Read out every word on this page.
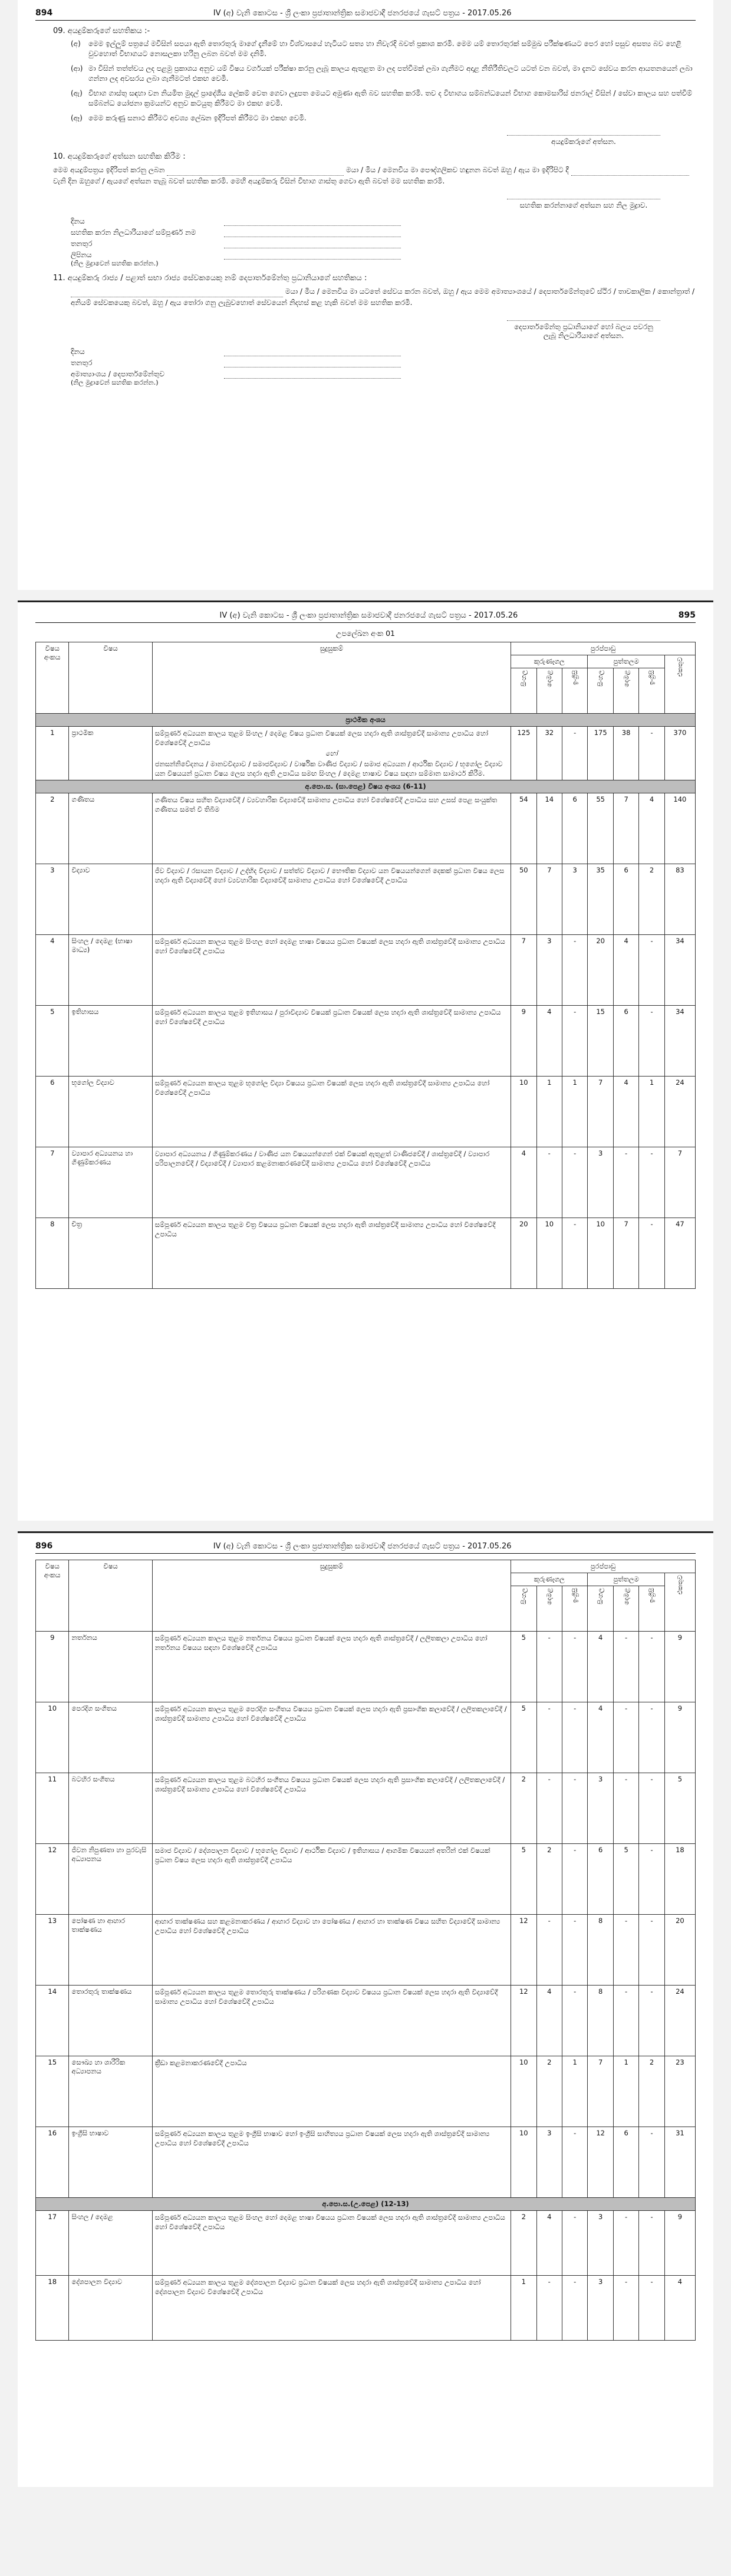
894	IV (අ) වැනි කොටස - ශ්‍රී ලංකා ප්‍රජාතාන්ත්‍රික සමාජවාදී ජනරජයේ ගැසට් පත්‍රය - 2017.05.26
09. අයදුම්කරුගේ සහතිකය :-
(අ)	මෙම ඉල්ලුම් පත්‍රයේ මවිසින් සපයා ඇති තොරතුරු මාගේ දැනීමේ හා විශ්වාසයේ හැටියට සත්‍ය හා නිවැරදි බවත් ප්‍රකාශ කරමි. මෙම යම් තොරතුරක් සම්මුඛ පරීක්ෂණයට පෙර හෝ පසුව අසත්‍ය බව හෙළි වුවහොත් විභාගයට නොසලකා හරිනු ලබන බවත් මම දනිමි.
(ආ) මා විසින් තත්ත්වය ලද පළමු ප්‍රකාශය අනුව යම් විෂය වර්ගයක් පරීක්ෂා කරනු ලැබූ කාලය ඇතුළත මා ලද පත්වීමක් ලබා ගැනීමට අදාළ නීතිරීතිවලට යටත් වන බවත්, මා දැනට සේවය කරන ආයතනයෙන් ලබා ගන්නා ලද අවසරය ලබා ගැනීමටත් එකඟ වෙමි.
(ඇ) විභාග ගාස්තු සඳහා වන නියමිත මුදල් ප්‍රාදේශීය ලේකම් වෙත ගෙවා ලදුපත මෙයට අමුණා ඇති බව සහතික කරමි. තව ද විභාගය සම්බන්ධයෙන් විභාග කොමසාරිස් ජනරාල් විසින් / සේවා කාලය සහ පත්වීම් සම්බන්ධ යෝජනා ක්‍රමයන්ට අනුව කටයුතු කිරීමට මා එකඟ වෙමි.
(ඈ) මෙම කරුණු සනාථ කිරීමට අවශ්‍ය ලේඛන ඉදිරිපත් කිරීමට මා එකඟ වෙමි.
අයදුම්කරුගේ අත්සන.
10. අයදුම්කරුගේ අත්සන සහතික කිරීම :
මෙම අයදුම්පත්‍රය ඉදිරිපත් කරනු ලබන	මයා / මිය / මෙනවිය මා පෞද්ගලිකව හඳුනන බවත් ඔහු / ඇය මා ඉදිරිපිට දී  වැනි දින ඔහුගේ / ඇයගේ අත්සන තැබූ බවත් සහතික කරමි. මෙහි අයදුම්කරු විසින් විභාග ගාස්තු ගෙවා ඇති බවත් මම සහතික කරමි.
සහතික කරන්නාගේ අත්සන සහ නිල මුද්‍රාව.
දිනය
සහතික කරන නිලධාරියාගේ සම්පූර්ණ නම
තනතුර
ලිපිනය
(නිල මුද්‍රාවෙන් සහතික කරන්න.)
11. අයදුම්කරු රාජ්‍ය / පළාත් සභා රාජ්‍ය සේවකයෙකු නම් දෙපාර්තමේන්තු ප්‍රධානියාගේ සහතිකය :
මයා / මිය / මෙනවිය මා යටතේ සේවය කරන බවත්, ඔහු / ඇය මෙම අමාත්‍යාංශයේ / දෙපාර්තමේන්තුවේ ස්ථිර / තාවකාලික / කොන්ත්‍රාත් / අනියම් සේවකයෙකු බවත්, ඔහු / ඇය තෝරා ගනු ලැබුවහොත් සේවයෙන් නිදහස් කළ හැකි බවත් මම සහතික කරමි.
දෙපාර්තමේන්තු ප්‍රධානියාගේ හෝ බලය පවරනු ලැබූ නිලධාරියාගේ අත්සන.
දිනය
තනතුර
අමාත්‍යාංශය / දෙපාර්තමේන්තුව
(නිල මුද්‍රාවෙන් සහතික කරන්න.)
IV (අ) වැනි කොටස - ශ්‍රී ලංකා ප්‍රජාතාන්ත්‍රික සමාජවාදී ජනරජයේ ගැසට් පත්‍රය - 2017.05.26	895
උපලේඛන අංක 01
විෂය අංකය	විෂය	සුදුසුකම්	පුරප්පාඩු						
			කුරුණෑගල			පුත්තලම			එකතුව

			සිංහල	දෙමළ	ඉංග්‍රීසි	සිංහල	දෙමළ	ඉංග්‍රීසි	

ප්‍රාථමික අංශය									
1	ප්‍රාථමික	සම්පූර්ණ අධ්‍යයන කාලය තුළම සිංහල / දෙමළ විෂය ප්‍රධාන විෂයක් ලෙස හදාරා ඇති ශාස්ත්‍රවේදී සාමාන්‍ය උපාධිය හෝ විශේෂවේදී උපාධිය
හෝ
ජනසන්නිවේදනය / මානවවිද්‍යාව / සමාජවිද්‍යාව / වාර්ෂික වාණිජ විද්‍යාව / සමාජ අධ්‍යයන / ආර්ථික විද්‍යාව / භූගෝල විද්‍යාව යන විෂයයන් ප්‍රධාන විෂය ලෙස හදාරා ඇති උපාධිය සමඟ සිංහල / දෙමළ භාෂාව විෂය සඳහා සම්මාන සාමාර්ථ කිරීම.	125	32	-	175	38	-	370
අ.පො.ස. (සා.පෙළ) විෂය අංශය (6-11)									
2	ගණිතය	ගණිතය විෂය සහිත විද්‍යාවේදී / ව්‍යවහාරික විද්‍යාවේදී සාමාන්‍ය උපාධිය හෝ විශේෂවේදී උපාධිය සහ උසස් පෙළ සංයුක්ත ගණිතය සමත් වී තිබීම	54	14	6	55	7	4	140
3	විද්‍යාව	ජීව විද්‍යාව / රසායන විද්‍යාව / උද්භිද විද්‍යාව / සත්ත්ව විද්‍යාව / භෞතික විද්‍යාව යන විෂයයන්ගෙන් දෙකක් ප්‍රධාන විෂය ලෙස හදාරා ඇති විද්‍යාවේදී හෝ ව්‍යවහාරික විද්‍යාවේදී සාමාන්‍ය උපාධිය හෝ විශේෂවේදී උපාධිය	50	7	3	35	6	2	83
4	සිංහල / දෙමළ (භාෂා මාධ්‍ය)	සම්පූර්ණ අධ්‍යයන කාලය තුළම සිංහල හෝ දෙමළ භාෂා විෂයය ප්‍රධාන විෂයක් ලෙස හදාරා ඇති ශාස්ත්‍රවේදී සාමාන්‍ය උපාධිය හෝ විශේෂවේදී උපාධිය	7	3	-	20	4	-	34
5	ඉතිහාසය	සම්පූර්ණ අධ්‍යයන කාලය තුළම ඉතිහාසය / පුරාවිද්‍යාව විෂයක් ප්‍රධාන විෂයක් ලෙස හදාරා ඇති ශාස්ත්‍රවේදී සාමාන්‍ය උපාධිය හෝ විශේෂවේදී උපාධිය	9	4	-	15	6	-	34
6	භූගෝල විද්‍යාව	සම්පූර්ණ අධ්‍යයන කාලය තුළම භූගෝල විද්‍යා විෂයය ප්‍රධාන විෂයක් ලෙස හදාරා ඇති ශාස්ත්‍රවේදී සාමාන්‍ය උපාධිය හෝ විශේෂවේදී උපාධිය	10	1	1	7	4	1	24
7	ව්‍යාපාර අධ්‍යයනය හා ගිණුම්කරණය	ව්‍යාපාර අධ්‍යයනය / ගිණුම්කරණය / වාණිජ යන විෂයයන්ගෙන් එක් විෂයක් ඇතුළත් වාණිජවේදී / ශාස්ත්‍රවේදී / ව්‍යාපාර පරිපාලනවේදී / විද්‍යාවේදී / ව්‍යාපාර කළමනාකරණවේදී සාමාන්‍ය උපාධිය හෝ විශේෂවේදී උපාධිය	4	-	-	3	-	-	7
8	චිත්‍ර	සම්පූර්ණ අධ්‍යයන කාලය තුළම චිත්‍ර විෂයය ප්‍රධාන විෂයක් ලෙස හදාරා ඇති ශාස්ත්‍රවේදී සාමාන්‍ය උපාධිය හෝ විශේෂවේදී උපාධිය	20	10	-	10	7	-	47
896	IV (අ) වැනි කොටස - ශ්‍රී ලංකා ප්‍රජාතාන්ත්‍රික සමාජවාදී ජනරජයේ ගැසට් පත්‍රය - 2017.05.26
විෂය අංකය	විෂය	සුදුසුකම්	පුරප්පාඩු						
			කුරුණෑගල			පුත්තලම			එකතුව

			සිංහල	දෙමළ	ඉංග්‍රීසි	සිංහල	දෙමළ	ඉංග්‍රීසි	

9	නර්තනය	සම්පූර්ණ අධ්‍යයන කාලය තුළම නර්තනය විෂයය ප්‍රධාන විෂයක් ලෙස හදාරා ඇති ශාස්ත්‍රවේදී / ලලිතකලා උපාධිය හෝ නර්තනය විෂයය සඳහා විශේෂවේදී උපාධිය	5	-	-	4	-	-	9
10	පෙරදිග සංගීතය	සම්පූර්ණ අධ්‍යයන කාලය තුළම පෙරදිග සංගීතය විෂයය ප්‍රධාන විෂයක් ලෙස හදාරා ඇති ප්‍රසාංගික කලාවේදී / ලලිතකලාවේදී / ශාස්ත්‍රවේදී සාමාන්‍ය උපාධිය හෝ විශේෂවේදී උපාධිය	5	-	-	4	-	-	9
11	බටහිර සංගීතය	සම්පූර්ණ අධ්‍යයන කාලය තුළම බටහිර සංගීතය විෂයය ප්‍රධාන විෂයක් ලෙස හදාරා ඇති ප්‍රසාංගික කලාවේදී / ලලිතකලාවේදී / ශාස්ත්‍රවේදී සාමාන්‍ය උපාධිය හෝ විශේෂවේදී උපාධිය	2	-	-	3	-	-	5
12	ජීවන නිපුණතා හා පුරවැසි අධ්‍යාපනය	සමාජ විද්‍යාව / දේශපාලන විද්‍යාව / භූගෝල විද්‍යාව / ආර්ථික විද්‍යාව / ඉතිහාසය / ආගමික විෂයයන් අතරින් එක් විෂයක් ප්‍රධාන විෂය ලෙස හදාරා ඇති ශාස්ත්‍රවේදී උපාධිය	5	2	-	6	5	-	18
13	පෝෂණ හා ආහාර තාක්ෂණය	ආහාර තාක්ෂණය සහ කළමනාකරණය / ආහාර විද්‍යාව හා පෝෂණය / ආහාර හා තාක්ෂණ විෂය සහිත විද්‍යාවේදී සාමාන්‍ය උපාධිය හෝ විශේෂවේදී උපාධිය	12	-	-	8	-	-	20
14	තොරතුරු තාක්ෂණය	සම්පූර්ණ අධ්‍යයන කාලය තුළම තොරතුරු තාක්ෂණය / පරිගණක විද්‍යාව විෂයය ප්‍රධාන විෂයක් ලෙස හදාරා ඇති විද්‍යාවේදී සාමාන්‍ය උපාධිය හෝ විශේෂවේදී උපාධිය	12	4	-	8	-	-	24
15	සෞඛ්‍ය හා ශාරීරික අධ්‍යාපනය	ක්‍රීඩා කළමනාකරණවේදී උපාධිය	10	2	1	7	1	2	23
16	ඉංග්‍රීසි භාෂාව	සම්පූර්ණ අධ්‍යයන කාලය තුළම ඉංග්‍රීසි භාෂාව හෝ ඉංග්‍රීසි සාහිත්‍යය ප්‍රධාන විෂයක් ලෙස හදාරා ඇති ශාස්ත්‍රවේදී සාමාන්‍ය උපාධිය හෝ විශේෂවේදී උපාධිය	10	3	-	12	6	-	31
අ.පො.ස.(උ.පෙළ) (12-13)									
17	සිංහල / දෙමළ	සම්පූර්ණ අධ්‍යයන කාලය තුළම සිංහල හෝ දෙමළ භාෂා විෂයය ප්‍රධාන විෂයක් ලෙස හදාරා ඇති ශාස්ත්‍රවේදී සාමාන්‍ය උපාධිය හෝ විශේෂවේදී උපාධිය	2	4	-	3	-	-	9
18	දේශපාලන විද්‍යාව	සම්පූර්ණ අධ්‍යයන කාලය තුළම දේශපාලන විද්‍යාව ප්‍රධාන විෂයක් ලෙස හදාරා ඇති ශාස්ත්‍රවේදී සාමාන්‍ය උපාධිය හෝ දේශපාලන විද්‍යාව විශේෂවේදී උපාධිය	1	-	-	3	-	-	4
